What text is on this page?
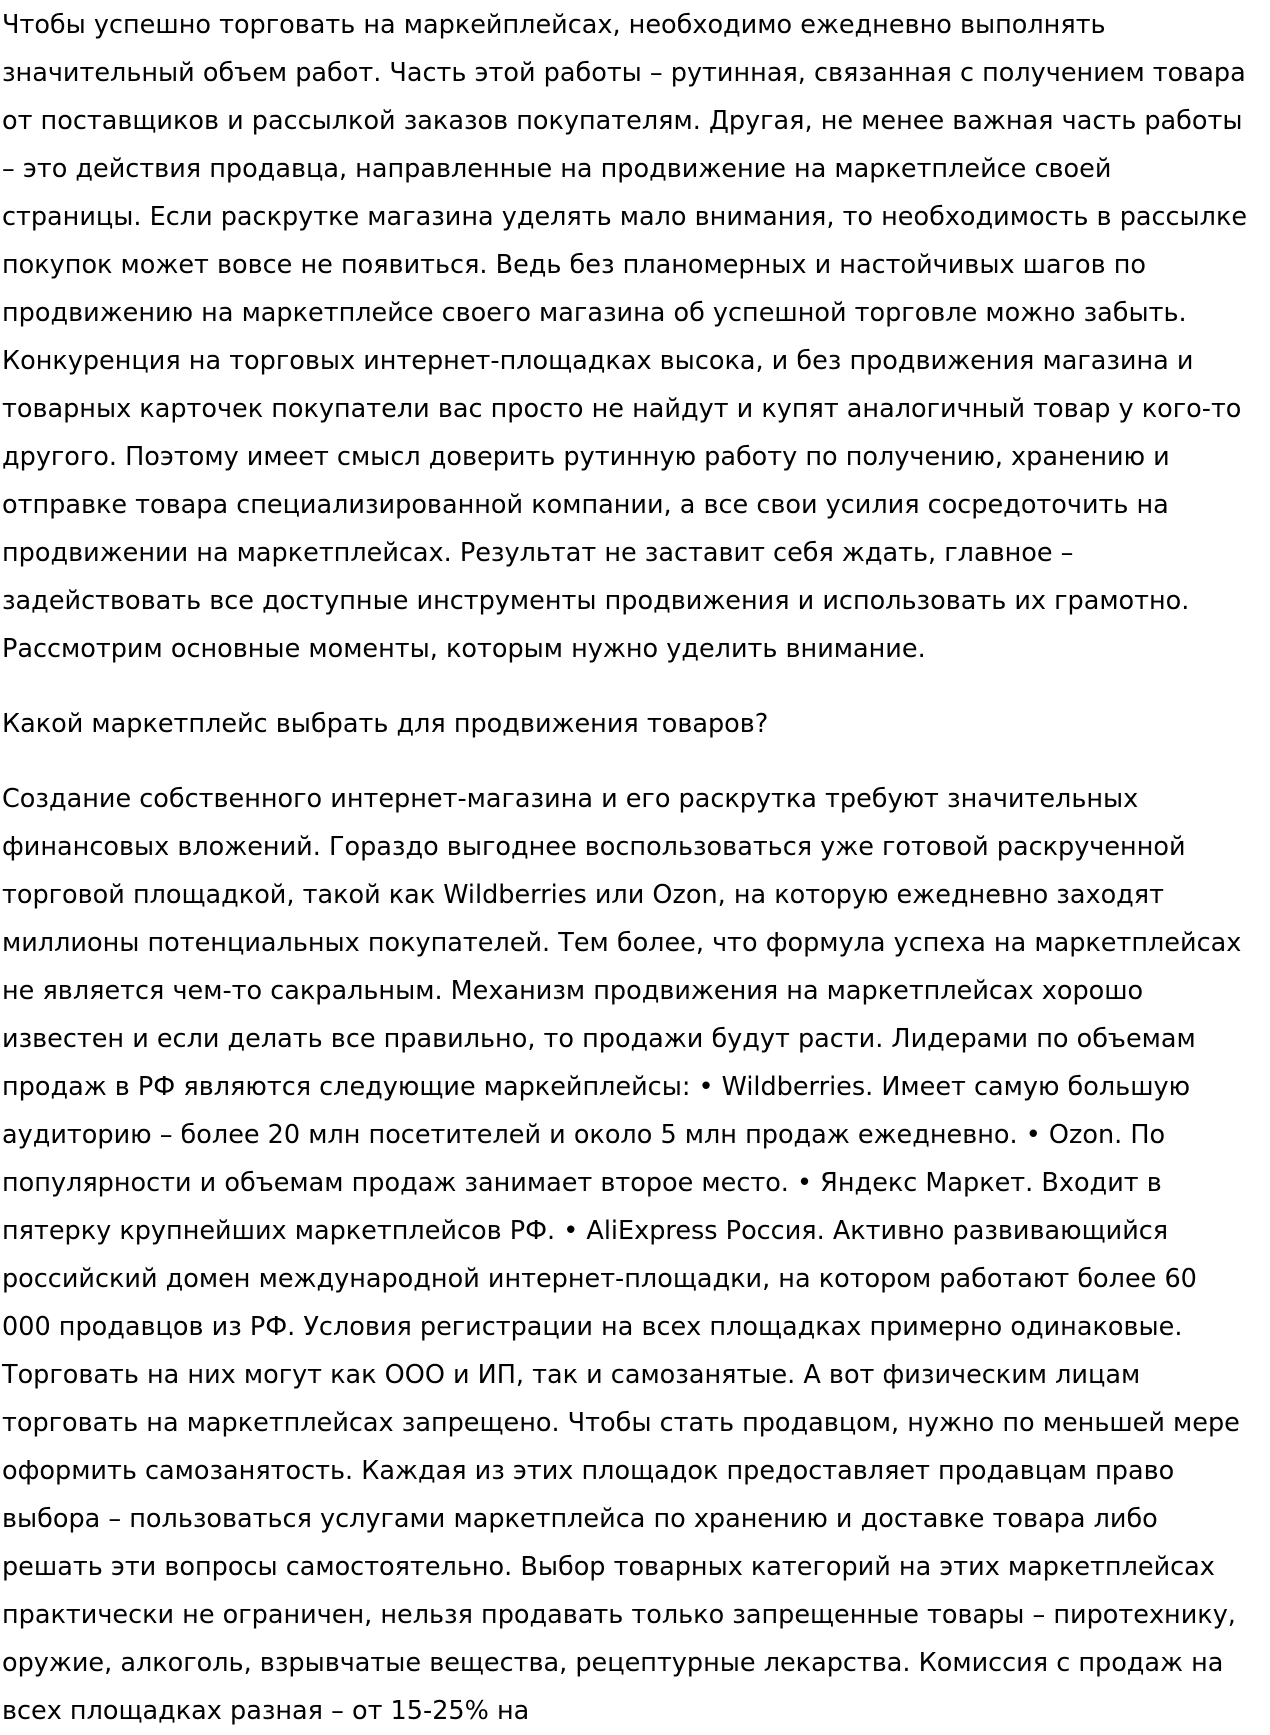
Чтобы успешно торговать на маркейплейсах, необходимо ежедневно выполнять
значительный объем работ. Часть этой работы – рутинная, связанная с получением товара
от поставщиков и рассылкой заказов покупателям. Другая, не менее важная часть работы
– это действия продавца, направленные на продвижение на маркетплейсе своей
страницы. Если раскрутке магазина уделять мало внимания, то необходимость в рассылке
покупок может вовсе не появиться. Ведь без планомерных и настойчивых шагов по
продвижению на маркетплейсе своего магазина об успешной торговле можно забыть.
Конкуренция на торговых интернет-площадках высока, и без продвижения магазина и
товарных карточек покупатели вас просто не найдут и купят аналогичный товар у кого-то
другого. Поэтому имеет смысл доверить рутинную работу по получению, хранению и
отправке товара специализированной компании, а все свои усилия сосредоточить на
продвижении на маркетплейсах. Результат не заставит себя ждать, главное –
задействовать все доступные инструменты продвижения и использовать их грамотно.
Рассмотрим основные моменты, которым нужно уделить внимание.
Какой маркетплейс выбрать для продвижения товаров?
Создание собственного интернет-магазина и его раскрутка требуют значительных
финансовых вложений. Гораздо выгоднее воспользоваться уже готовой раскрученной
торговой площадкой, такой как Wildberries или Ozon, на которую ежедневно заходят
миллионы потенциальных покупателей. Тем более, что формула успеха на маркетплейсах
не является чем-то сакральным. Механизм продвижения на маркетплейсах хорошо
известен и если делать все правильно, то продажи будут расти. Лидерами по объемам
продаж в РФ являются следующие маркейплейсы: • Wildberries. Имеет самую большую
аудиторию – более 20 млн посетителей и около 5 млн продаж ежедневно. • Ozon. По
популярности и объемам продаж занимает второе место. • Яндекс Маркет. Входит в
пятерку крупнейших маркетплейсов РФ. • AliExpress Россия. Активно развивающийся
российский домен международной интернет-площадки, на котором работают более 60
000 продавцов из РФ. Условия регистрации на всех площадках примерно одинаковые.
Торговать на них могут как ООО и ИП, так и самозанятые. А вот физическим лицам
торговать на маркетплейсах запрещено. Чтобы стать продавцом, нужно по меньшей мере
оформить самозанятость. Каждая из этих площадок предоставляет продавцам право
выбора – пользоваться услугами маркетплейса по хранению и доставке товара либо
решать эти вопросы самостоятельно. Выбор товарных категорий на этих маркетплейсах
практически не ограничен, нельзя продавать только запрещенные товары – пиротехнику,
оружие, алкоголь, взрывчатые вещества, рецептурные лекарства. Комиссия с продаж на
всех площадках разная – от 15-25% на
